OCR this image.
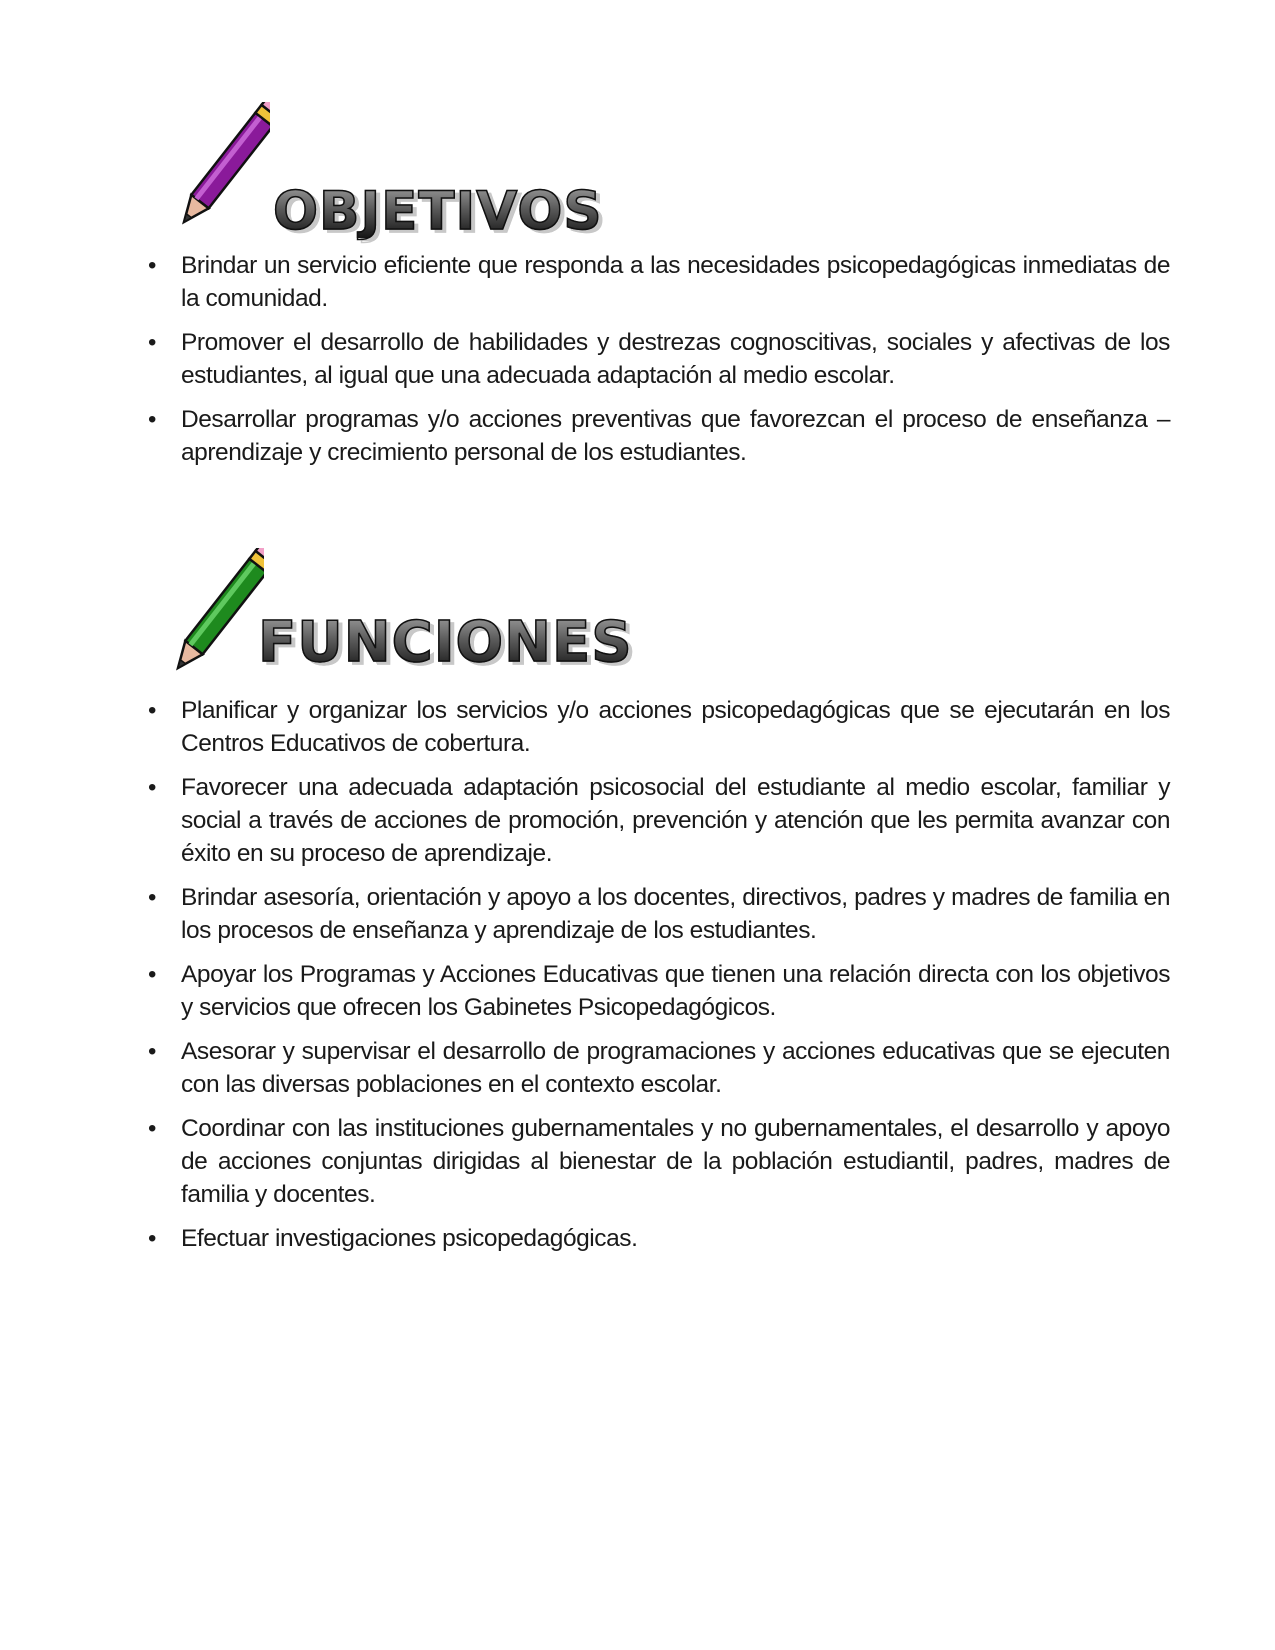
OBJETIVOS
• Brindar un servicio eficiente que responda a las necesidades psicopedagógicas inmediatas de la comunidad.
• Promover el desarrollo de habilidades y destrezas cognoscitivas, sociales y afectivas de los estudiantes, al igual que una adecuada adaptación al medio escolar.
• Desarrollar programas y/o acciones preventivas que favorezcan el proceso de enseñanza – aprendizaje y crecimiento personal de los estudiantes.
FUNCIONES
• Planificar y organizar los servicios y/o acciones psicopedagógicas que se ejecutarán en los Centros Educativos de cobertura.
• Favorecer una adecuada adaptación psicosocial del estudiante al medio escolar, familiar y social a través de acciones de promoción, prevención y atención que les permita avanzar con éxito en su proceso de aprendizaje.
• Brindar asesoría, orientación y apoyo a los docentes, directivos, padres y madres de familia en los procesos de enseñanza y aprendizaje de los estudiantes.
• Apoyar los Programas y Acciones Educativas que tienen una relación directa con los objetivos y servicios que ofrecen los Gabinetes Psicopedagógicos.
• Asesorar y supervisar el desarrollo de programaciones y acciones educativas que se ejecuten con las diversas poblaciones en el contexto escolar.
• Coordinar con las instituciones gubernamentales y no gubernamentales, el desarrollo y apoyo de acciones conjuntas dirigidas al bienestar de la población estudiantil, padres, madres de familia y docentes.
• Efectuar investigaciones psicopedagógicas.
